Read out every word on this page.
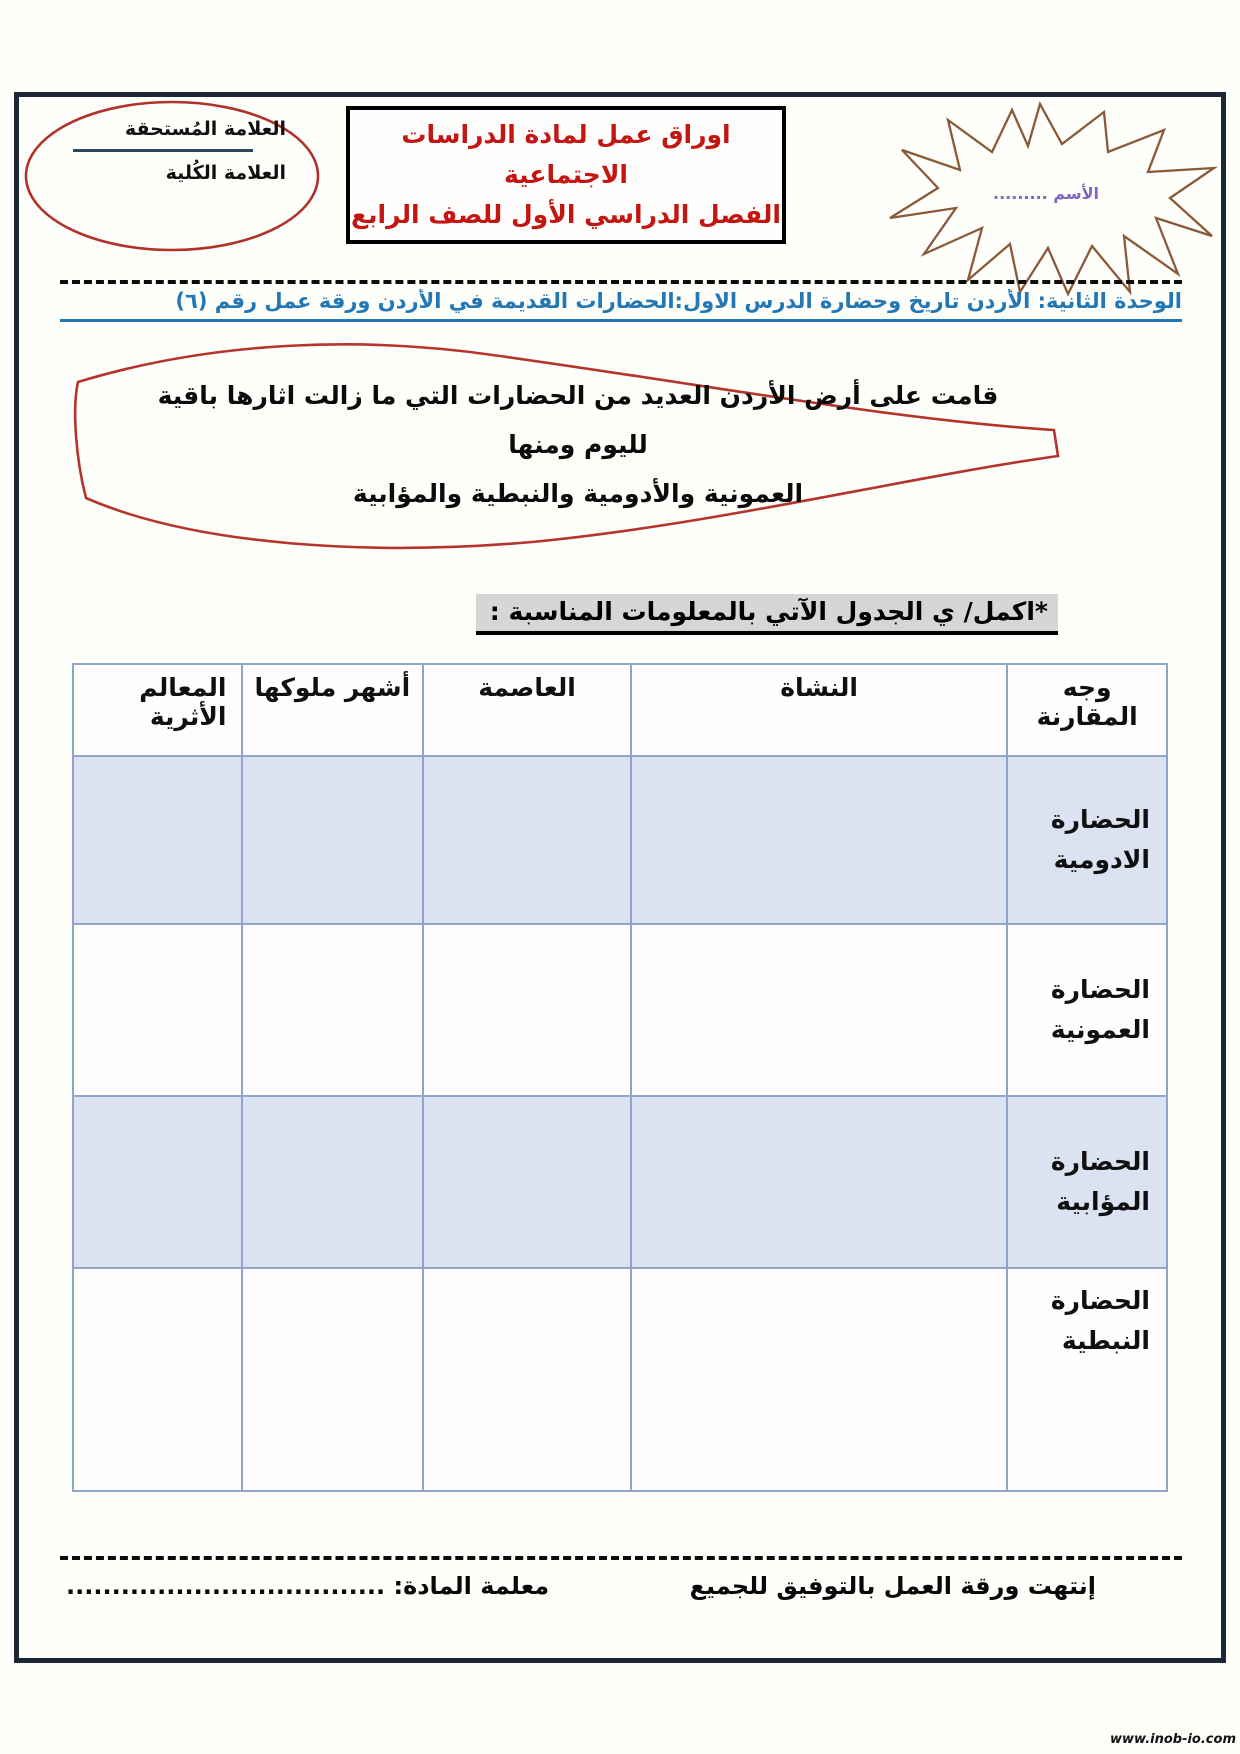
العلامة المُستحقة
العلامة الكُلية
اوراق عمل لمادة الدراسات الاجتماعية
الفصل الدراسي الأول للصف الرابع
الأسم .........
الوحدة الثانية: الأردن تاريخ وحضارة الدرس الاول:الحضارات القديمة في الأردن ورقة عمل رقم (٦)
قامت على أرض الأردن العديد من الحضارات التي ما زالت اثارها باقية لليوم ومنها
العمونية والأدومية والنبطية والمؤابية
*اكمل/ ي الجدول الآتي بالمعلومات المناسبة :
وجه المقارنة	النشاة	العاصمة	أشهر ملوكها	المعالم الأثرية
الحضارة الادومية				
الحضارة العمونية				
الحضارة المؤابية				
الحضارة النبطية				
إنتهت ورقة العمل بالتوفيق للجميع
معلمة المادة: ...................................
www.inob-io.com
